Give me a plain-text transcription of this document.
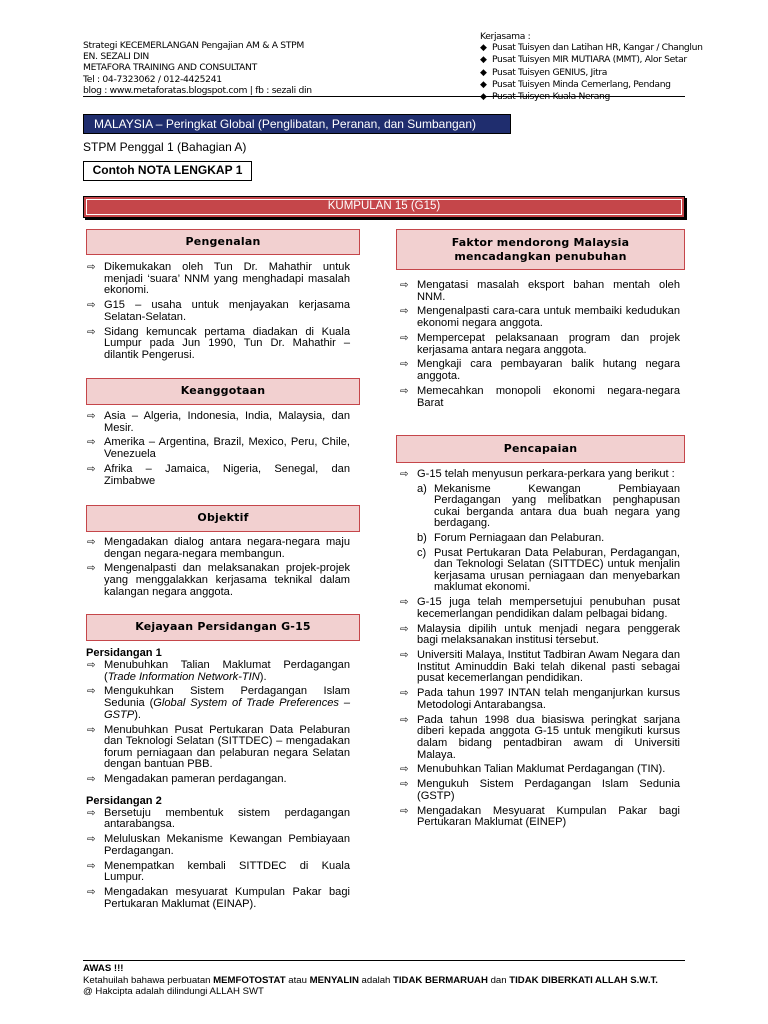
Strategi KECEMERLANGAN Pengajian AM & A STPM
EN. SEZALI DIN
METAFORA TRAINING AND CONSULTANT
Tel : 04-7323062 / 012-4425241
blog : www.metaforatas.blogspot.com | fb : sezali din
Kerjasama :
◆ Pusat Tuisyen dan Latihan HR, Kangar / Changlun
◆ Pusat Tuisyen MIR MUTIARA (MMT), Alor Setar
◆ Pusat Tuisyen GENIUS, Jitra
◆ Pusat Tuisyen Minda Cemerlang, Pendang
◆ Pusat Tuisyen Kuala Nerang
MALAYSIA – Peringkat Global (Penglibatan, Peranan, dan Sumbangan)
STPM Penggal 1 (Bahagian A)
Contoh NOTA LENGKAP 1
KUMPULAN 15 (G15)
Pengenalan
⇨ Dikemukakan oleh Tun Dr. Mahathir untuk menjadi ‘suara’ NNM yang menghadapi masalah ekonomi.
⇨ G15 – usaha untuk menjayakan kerjasama Selatan-Selatan.
⇨ Sidang kemuncak pertama diadakan di Kuala Lumpur pada Jun 1990, Tun Dr. Mahathir – dilantik Pengerusi.
Keanggotaan
⇨ Asia – Algeria, Indonesia, India, Malaysia, dan Mesir.
⇨ Amerika – Argentina, Brazil, Mexico, Peru, Chile, Venezuela
⇨ Afrika – Jamaica, Nigeria, Senegal, dan Zimbabwe
Objektif
⇨ Mengadakan dialog antara negara-negara maju dengan negara-negara membangun.
⇨ Mengenalpasti dan melaksanakan projek-projek yang menggalakkan kerjasama teknikal dalam kalangan negara anggota.
Kejayaan Persidangan G-15
Persidangan 1
⇨ Menubuhkan Talian Maklumat Perdagangan (Trade Information Network-TIN).
⇨ Mengukuhkan Sistem Perdagangan Islam Sedunia (Global System of Trade Preferences – GSTP).
⇨ Menubuhkan Pusat Pertukaran Data Pelaburan dan Teknologi Selatan (SITTDEC) – mengadakan forum perniagaan dan pelaburan negara Selatan dengan bantuan PBB.
⇨ Mengadakan pameran perdagangan.
Persidangan 2
⇨ Bersetuju membentuk sistem perdagangan antarabangsa.
⇨ Meluluskan Mekanisme Kewangan Pembiayaan Perdagangan.
⇨ Menempatkan kembali SITTDEC di Kuala Lumpur.
⇨ Mengadakan mesyuarat Kumpulan Pakar bagi Pertukaran Maklumat (EINAP).
Faktor mendorong Malaysia
mencadangkan penubuhan
⇨ Mengatasi masalah eksport bahan mentah oleh NNM.
⇨ Mengenalpasti cara-cara untuk membaiki kedudukan ekonomi negara anggota.
⇨ Mempercepat pelaksanaan program dan projek kerjasama antara negara anggota.
⇨ Mengkaji cara pembayaran balik hutang negara anggota.
⇨ Memecahkan monopoli ekonomi negara-negara Barat
Pencapaian
⇨ G-15 telah menyusun perkara-perkara yang berikut :
a) Mekanisme Kewangan Pembiayaan Perdagangan yang melibatkan penghapusan cukai berganda antara dua buah negara yang berdagang.
b) Forum Perniagaan dan Pelaburan.
c) Pusat Pertukaran Data Pelaburan, Perdagangan, dan Teknologi Selatan (SITTDEC) untuk menjalin kerjasama urusan perniagaan dan menyebarkan maklumat ekonomi.
⇨ G-15 juga telah mempersetujui penubuhan pusat kecemerlangan pendidikan dalam pelbagai bidang.
⇨ Malaysia dipilih untuk menjadi negara penggerak bagi melaksanakan institusi tersebut.
⇨ Universiti Malaya, Institut Tadbiran Awam Negara dan Institut Aminuddin Baki telah dikenal pasti sebagai pusat kecemerlangan pendidikan.
⇨ Pada tahun 1997 INTAN telah menganjurkan kursus Metodologi Antarabangsa.
⇨ Pada tahun 1998 dua biasiswa peringkat sarjana diberi kepada anggota G-15 untuk mengikuti kursus dalam bidang pentadbiran awam di Universiti Malaya.
⇨ Menubuhkan Talian Maklumat Perdagangan (TIN).
⇨ Mengukuh Sistem Perdagangan Islam Sedunia (GSTP)
⇨ Mengadakan Mesyuarat Kumpulan Pakar bagi Pertukaran Maklumat (EINEP)
AWAS !!!
Ketahuilah bahawa perbuatan MEMFOTOSTAT atau MENYALIN adalah TIDAK BERMARUAH dan TIDAK DIBERKATI ALLAH S.W.T.
@ Hakcipta adalah dilindungi ALLAH SWT
